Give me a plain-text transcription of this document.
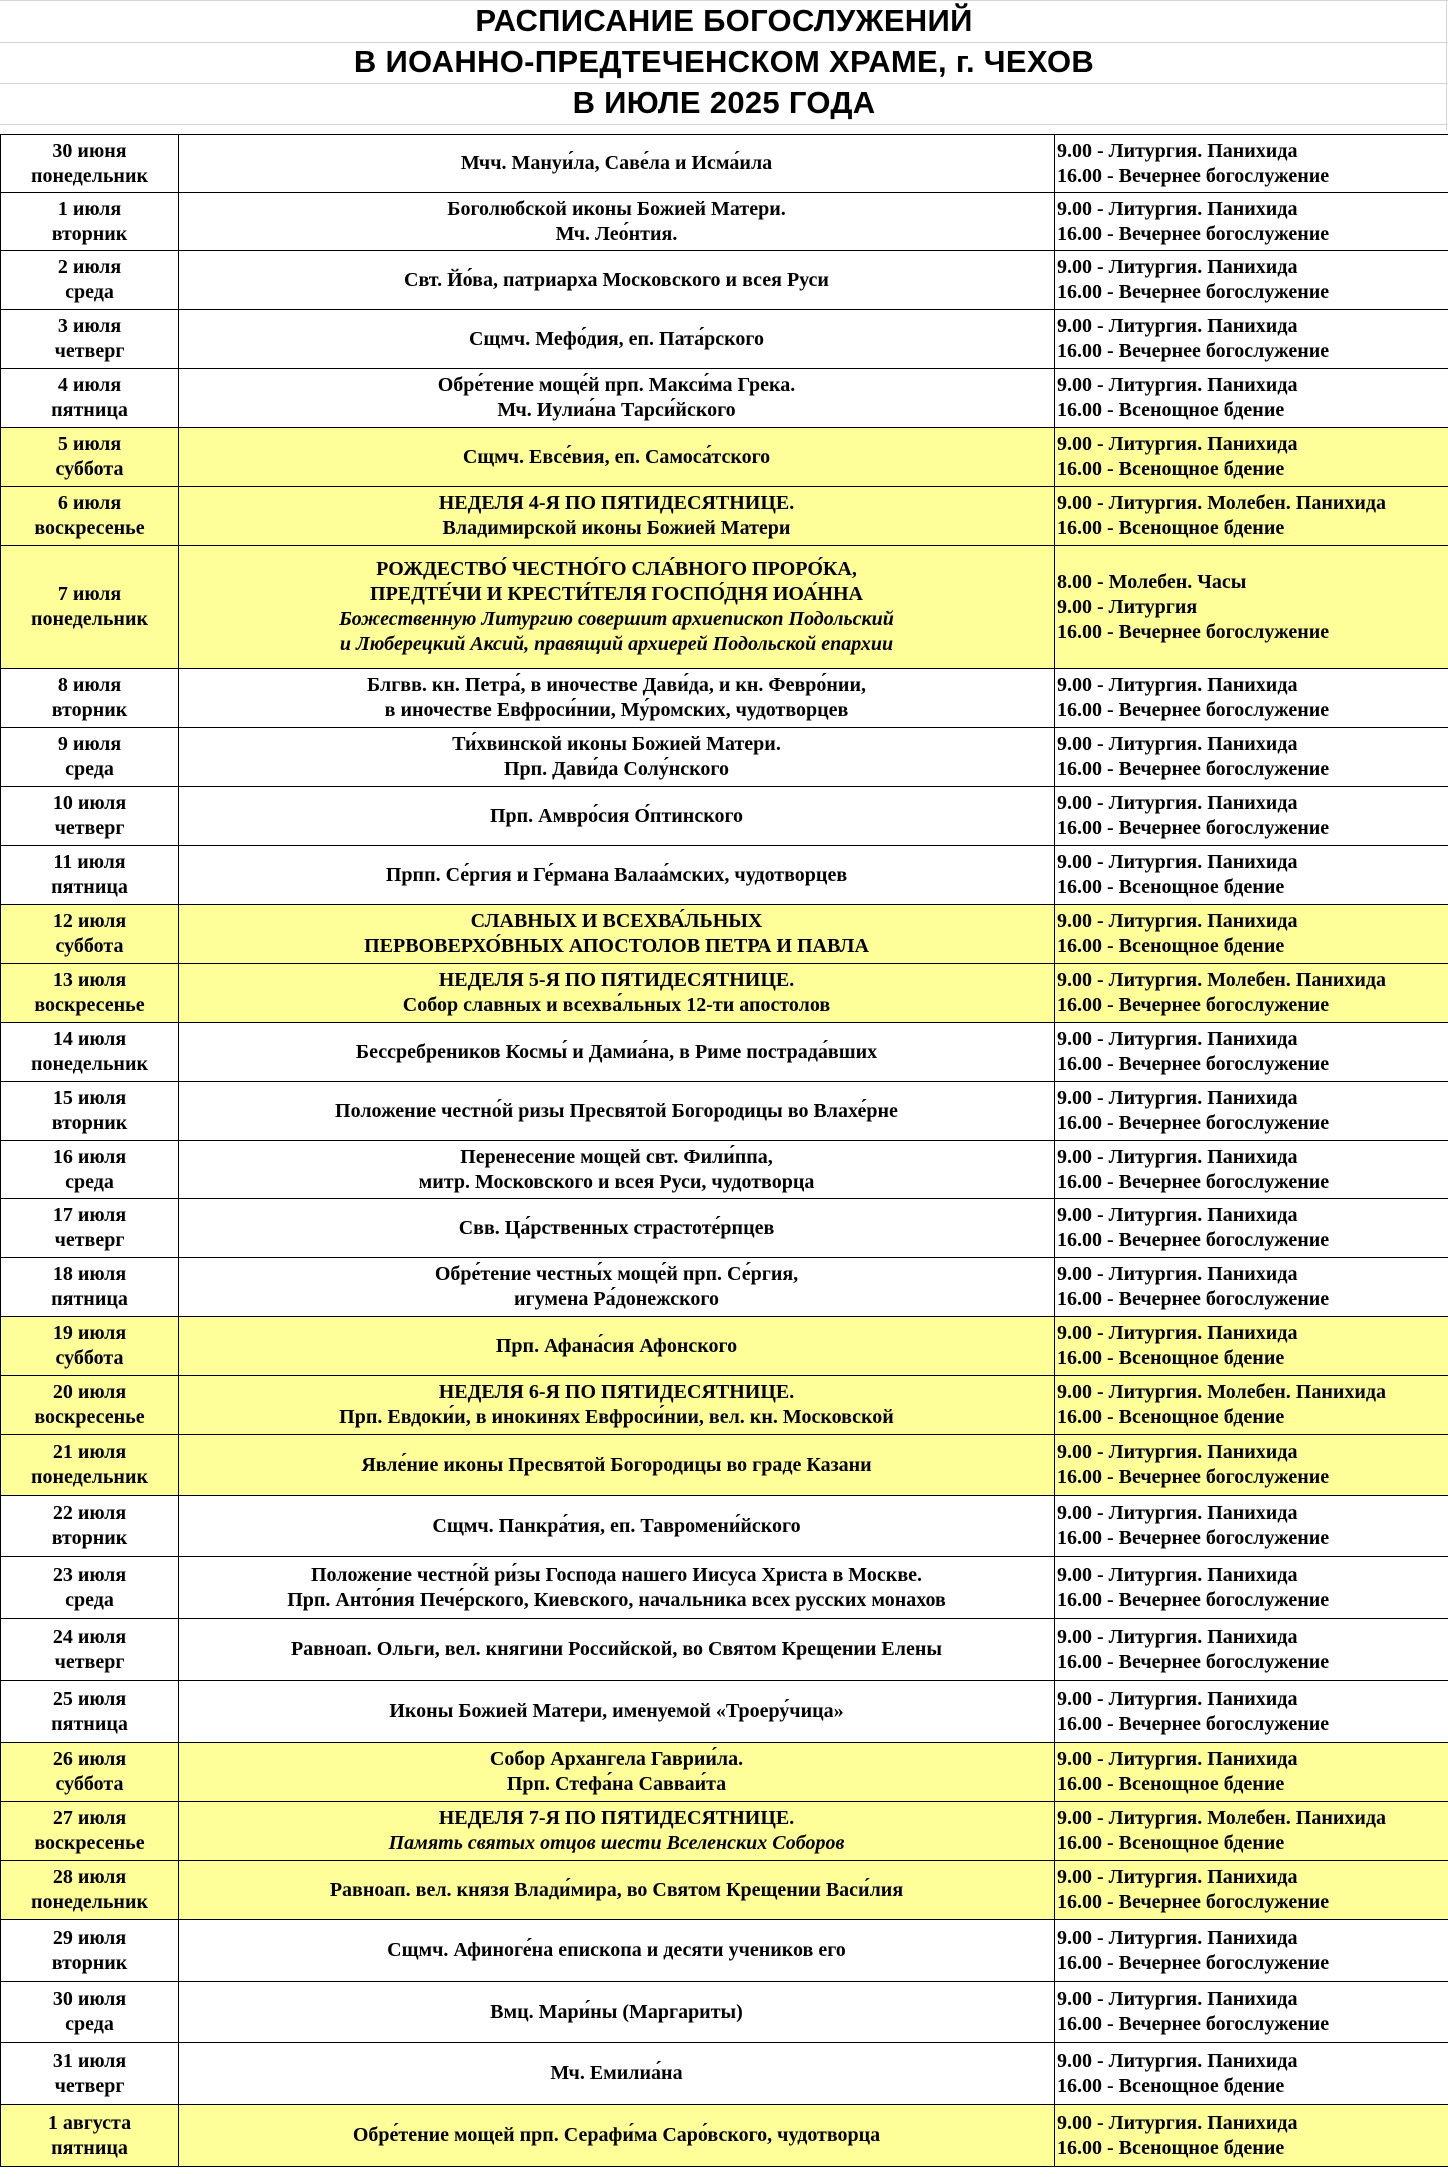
РАСПИСАНИЕ БОГОСЛУЖЕНИЙ
В ИОАННО-ПРЕДТЕЧЕНСКОМ ХРАМЕ, г. ЧЕХОВ
В ИЮЛЕ 2025 ГОДА
30 июня
понедельник	Мчч. Мануи́ла, Саве́ла и Исма́ила	9.00 - Литургия. Панихида
16.00 - Вечернее богослужение

1 июля
вторник	Боголюбской иконы Божией Матери.
Мч. Лео́нтия.	9.00 - Литургия. Панихида
16.00 - Вечернее богослужение

2 июля
среда	Свт. Йо́ва, патриарха Московского и всея Руси	9.00 - Литургия. Панихида
16.00 - Вечернее богослужение

3 июля
четверг	Сщмч. Мефо́дия, еп. Пата́рского	9.00 - Литургия. Панихида
16.00 - Вечернее богослужение

4 июля
пятница	Обре́тение моще́й прп. Макси́ма Грека.
Мч. Иулиа́на Тарси́йского	9.00 - Литургия. Панихида
16.00 - Всенощное бдение

5 июля
суббота	Сщмч. Евсе́вия, еп. Самоса́тского	9.00 - Литургия. Панихида
16.00 - Всенощное бдение

6 июля
воскресенье	НЕДЕЛЯ 4-Я ПО ПЯТИДЕСЯТНИЦЕ.
Владимирской иконы Божией Матери	9.00 - Литургия. Молебен. Панихида
16.00 - Всенощное бдение

7 июля
понедельник	РОЖДЕСТВО́ ЧЕСТНО́ГО СЛА́ВНОГО ПРОРО́КА,
ПРЕДТЕ́ЧИ И КРЕСТИ́ТЕЛЯ ГОСПО́ДНЯ ИОА́ННА
Божественную Литургию совершит архиепископ Подольский
и Люберецкий Аксий, правящий архиерей Подольской епархии	8.00 - Молебен. Часы
9.00 - Литургия
16.00 - Вечернее богослужение

8 июля
вторник	Блгвв. кн. Петра́, в иночестве Дави́да, и кн. Февро́нии,
в иночестве Евфроси́нии, Му́ромских, чудотворцев	9.00 - Литургия. Панихида
16.00 - Вечернее богослужение

9 июля
среда	Ти́хвинской иконы Божией Матери.
Прп. Дави́да Солу́нского	9.00 - Литургия. Панихида
16.00 - Вечернее богослужение

10 июля
четверг	Прп. Амвро́сия О́птинского	9.00 - Литургия. Панихида
16.00 - Вечернее богослужение

11 июля
пятница	Прпп. Се́ргия и Ге́рмана Валаа́мских, чудотворцев	9.00 - Литургия. Панихида
16.00 - Всенощное бдение

12 июля
суббота	СЛАВНЫХ И ВСЕХВА́ЛЬНЫХ
ПЕРВОВЕРХО́ВНЫХ АПОСТОЛОВ ПЕТРА И ПАВЛА	9.00 - Литургия. Панихида
16.00 - Всенощное бдение

13 июля
воскресенье	НЕДЕЛЯ 5-Я ПО ПЯТИДЕСЯТНИЦЕ.
Собор славных и всехва́льных 12-ти апостолов	9.00 - Литургия. Молебен. Панихида
16.00 - Вечернее богослужение

14 июля
понедельник	Бессребреников Космы́ и Дамиа́на, в Риме пострада́вших	9.00 - Литургия. Панихида
16.00 - Вечернее богослужение

15 июля
вторник	Положение честно́й ризы Пресвятой Богородицы во Влахе́рне	9.00 - Литургия. Панихида
16.00 - Вечернее богослужение

16 июля
среда	Перенесение мощей свт. Фили́ппа,
митр. Московского и всея Руси, чудотворца	9.00 - Литургия. Панихида
16.00 - Вечернее богослужение

17 июля
четверг	Свв. Ца́рственных страстоте́рпцев	9.00 - Литургия. Панихида
16.00 - Вечернее богослужение

18 июля
пятница	Обре́тение честны́х моще́й прп. Се́ргия,
игумена Ра́донежского	9.00 - Литургия. Панихида
16.00 - Вечернее богослужение

19 июля
суббота	Прп. Афана́сия Афонского	9.00 - Литургия. Панихида
16.00 - Всенощное бдение

20 июля
воскресенье	НЕДЕЛЯ 6-Я ПО ПЯТИДЕСЯТНИЦЕ.
Прп. Евдоки́и, в инокинях Евфроси́нии, вел. кн. Московской	9.00 - Литургия. Молебен. Панихида
16.00 - Всенощное бдение

21 июля
понедельник	Явле́ние иконы Пресвятой Богородицы во граде Казани	9.00 - Литургия. Панихида
16.00 - Вечернее богослужение

22 июля
вторник	Сщмч. Панкра́тия, еп. Тавромени́йского	9.00 - Литургия. Панихида
16.00 - Вечернее богослужение

23 июля
среда	Положение честно́й ри́зы Господа нашего Иисуса Христа в Москве.
Прп. Анто́ния Пече́рского, Киевского, начальника всех русских монахов	9.00 - Литургия. Панихида
16.00 - Вечернее богослужение

24 июля
четверг	Равноап. Ольги, вел. княгини Российской, во Святом Крещении Елены	9.00 - Литургия. Панихида
16.00 - Вечернее богослужение

25 июля
пятница	Иконы Божией Матери, именуемой «Троеру́чица»	9.00 - Литургия. Панихида
16.00 - Вечернее богослужение

26 июля
суббота	Собор Архангела Гаврии́ла.
Прп. Стефа́на Савваи́та	9.00 - Литургия. Панихида
16.00 - Всенощное бдение

27 июля
воскресенье	НЕДЕЛЯ 7-Я ПО ПЯТИДЕСЯТНИЦЕ.
Память святых отцов шести Вселенских Соборов	9.00 - Литургия. Молебен. Панихида
16.00 - Всенощное бдение

28 июля
понедельник	Равноап. вел. князя Влади́мира, во Святом Крещении Васи́лия	9.00 - Литургия. Панихида
16.00 - Вечернее богослужение

29 июля
вторник	Сщмч. Афиноге́на епископа и десяти учеников его	9.00 - Литургия. Панихида
16.00 - Вечернее богослужение

30 июля
среда	Вмц. Мари́ны (Маргариты)	9.00 - Литургия. Панихида
16.00 - Вечернее богослужение

31 июля
четверг	Мч. Емилиа́на	9.00 - Литургия. Панихида
16.00 - Всенощное бдение

1 августа
пятница	Обре́тение мощей прп. Серафи́ма Саро́вского, чудотворца	9.00 - Литургия. Панихида
16.00 - Всенощное бдение
